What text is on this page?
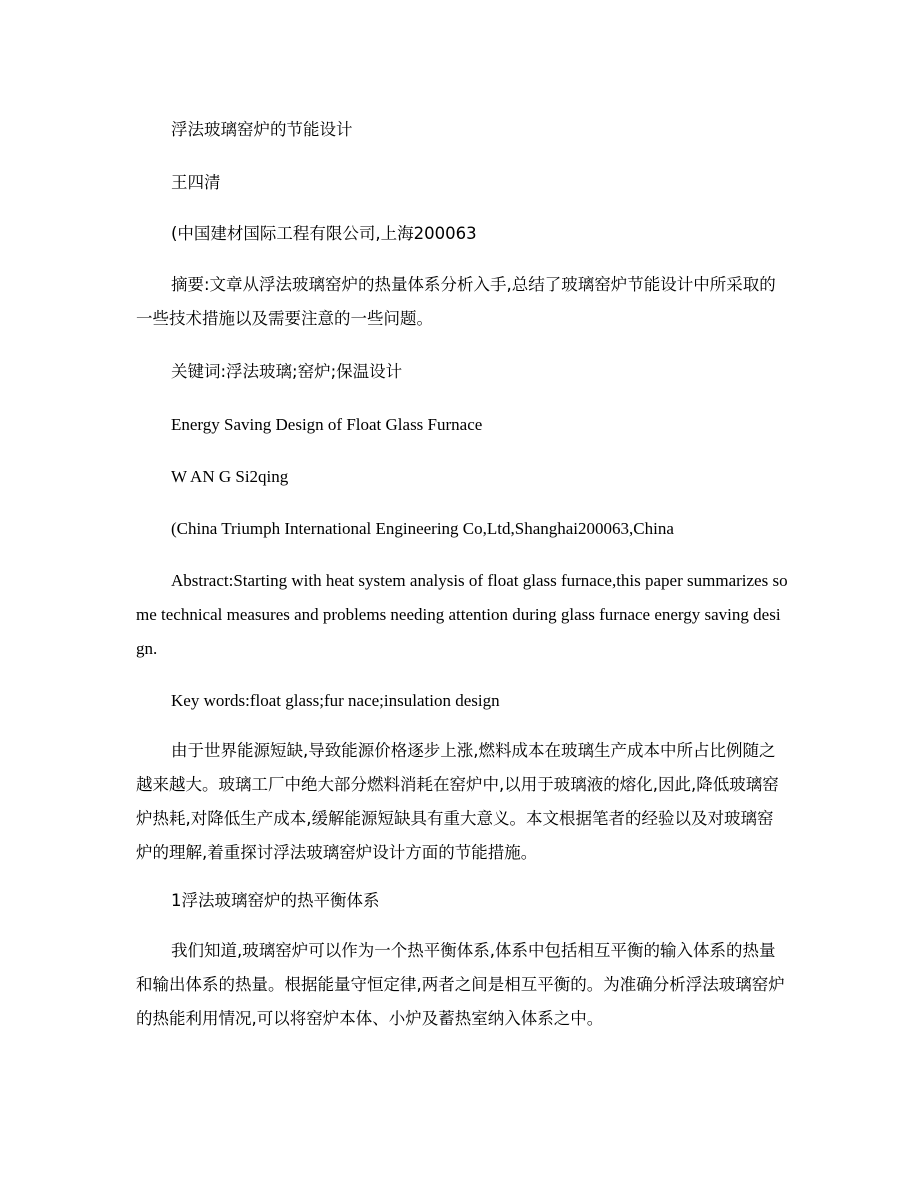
浮法玻璃窑炉的节能设计
王四清
(中国建材国际工程有限公司,上海200063
摘要:文章从浮法玻璃窑炉的热量体系分析入手,总结了玻璃窑炉节能设计中所采取的一些技术措施以及需要注意的一些问题。
关键词:浮法玻璃;窑炉;保温设计
Energy Saving Design of Float Glass Furnace
W AN G Si2qing
(China Triumph International Engineering Co,Ltd,Shanghai200063,China
Abstract:Starting with heat system analysis of float glass furnace,this paper summarizes some technical measures and problems needing attention during glass furnace energy saving design.
Key words:float glass;fur nace;insulation design
由于世界能源短缺,导致能源价格逐步上涨,燃料成本在玻璃生产成本中所占比例随之越来越大。玻璃工厂中绝大部分燃料消耗在窑炉中,以用于玻璃液的熔化,因此,降低玻璃窑炉热耗,对降低生产成本,缓解能源短缺具有重大意义。本文根据笔者的经验以及对玻璃窑炉的理解,着重探讨浮法玻璃窑炉设计方面的节能措施。
1浮法玻璃窑炉的热平衡体系
我们知道,玻璃窑炉可以作为一个热平衡体系,体系中包括相互平衡的输入体系的热量和输出体系的热量。根据能量守恒定律,两者之间是相互平衡的。为准确分析浮法玻璃窑炉的热能利用情况,可以将窑炉本体、小炉及蓄热室纳入体系之中。
